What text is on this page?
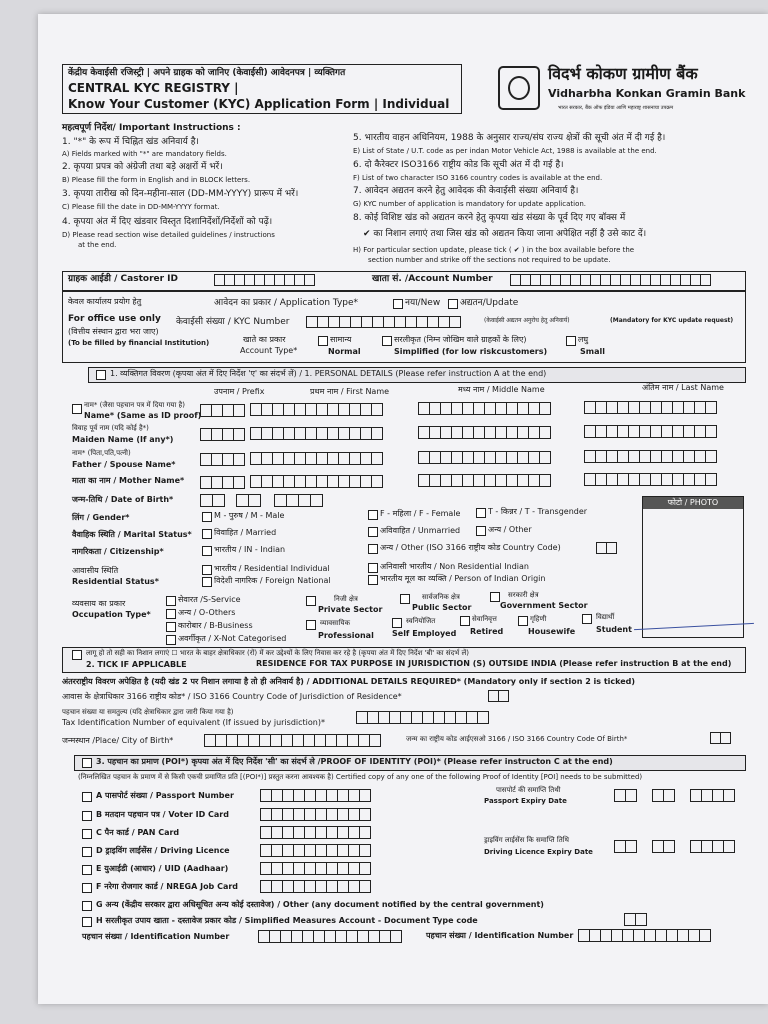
केंद्रीय केवाईसी रजिस्ट्री | अपने ग्राहक को जानिए (केवाईसी) आवेदनपत्र | व्यक्तिगत
CENTRAL KYC REGISTRY |
Know Your Customer (KYC) Application Form | Individual
विदर्भ कोकण ग्रामीण बैंक
Vidharbha Konkan Gramin Bank
भारत सरकार, बैंक ऑफ इंडिया आणि महाराष्ट्र शासनाचा उपक्रम
महत्वपूर्ण निर्देश/ Important Instructions :
1. "*" के रूप में चिह्नित खंड अनिवार्य है।
A) Fields marked with "*" are mandatory fields.
2. कृपया प्रपत्र को अंग्रेजी तथा बड़े अक्षरों में भरें।
B) Please fill the form in English and in BLOCK letters.
3. कृपया तारीख को दिन-महीना-साल (DD-MM-YYYY) प्रारूप में भरें।
C) Please fill the date in DD-MM-YYYY format.
4. कृपया अंत में दिए खंडवार विस्तृत दिशानिर्देशों/निर्देशों को पढ़ें।
D) Please read section wise detailed guidelines / instructions
at the end.
5. भारतीय वाहन अधिनियम, 1988 के अनुसार राज्य/संघ राज्य क्षेत्रों की सूची अंत में दी गई है।
E) List of State / U.T. code as per indan Motor Vehicle Act, 1988 is available at the end.
6. दो कैरेक्टर ISO3166 राष्ट्रीय कोड कि सूची अंत में दी गई है।
F) List of two character ISO 3166 country codes is available at the end.
7. आवेदन अद्यतन करने हेतु आवेदक की केवाईसी संख्या अनिवार्य है।
G) KYC number of application is mandatory for update application.
8. कोई विशिष्ट खंड को अद्यतन करने हेतु कृपया खंड संख्या के पूर्व दिए गए बॉक्स में
✔ का निशान लगाएं तथा जिस खंड को अद्यतन किया जाना अपेक्षित नहीं है उसे काट दें।
H) For particular section update, please tick ( ✔ ) in the box available before the
section number and strike off the sections not required to be update.
ग्राहक आईडी / Castorer ID	खाता सं. /Account Number
केवल कार्यालय प्रयोग हेतु
For office use only
(वित्तीय संस्थान द्वारा भरा जाए)
(To be filled by financial Institution)
आवेदन का प्रकार / Application Type*	नया/New अद्यतन/Update
केवाईसी संख्या / KYC Number	(केवाईसी अद्यतन अनुरोध हेतु अनिवार्य)	(Mandatory for KYC update request)
खाते का प्रकार
Account Type*
सामान्य
Normal
सरलीकृत (निम्न जोखिम वाले ग्राहकों के लिए)
Simplified (for low riskcustomers)
लघु
Small
1. व्यक्तिगत विवरण (कृपया अंत में दिए निर्देश 'ए' का संदर्भ लें) / 1. PERSONAL DETAILS (Please refer instruction A at the end)
उपनाम / Prefix	प्रथम नाम / First Name	मध्य नाम / Middle Name	अंतिम नाम / Last Name
नाम* (जैसा पहचान पत्र में दिया गया है)
Name* (Same as ID proof)
विवाह पूर्व नाम (यदि कोई है*)
Maiden Name (If any*)
नाम* (पिता,पति,पत्नी)
Father / Spouse Name*
माता का नाम / Mother Name*
जन्म-तिथि / Date of Birth*	फोटो / PHOTO
लिंग / Gender*	M - पुरुष / M - Male	F - महिला / F - Female	T - किन्नर / T - Transgender
वैवाहिक स्थिति / Marital Status*	विवाहित / Married	अविवाहित / Unmarried	अन्य / Other
नागरिकता / Citizenship*	भारतीय / IN - Indian	अन्य / Other (ISO 3166 राष्ट्रीय कोड Country Code)
आवासीय स्थिति
Residential Status*
भारतीय / Residential Individual
विदेशी नागरिक / Foreign National
अनिवासी भारतीय / Non Residential Indian
भारतीय मूल का व्यक्ति / Person of Indian Origin
व्यवसाय का प्रकार
Occupation Type*
सेवारत /S-Service
अन्य / O-Others
कारोबार / B-Business
अवर्गीकृत / X-Not Categorised
निजी क्षेत्र
Private Sector
व्यावसायिक
Professional
सार्वजनिक क्षेत्र
Public Sector
स्वनियोजित
Self Employed
सरकारी क्षेत्र
Government Sector
सेवानिवृत्त
Retired
गृहिणी
Housewife
विद्यार्थी
Student
लागू हो तो सही का निशान लगाएं ☐ भारत के बाहर क्षेत्राधिकार (रों) में कर उद्देश्यों के लिए निवास कर रहे है (कृपया अंत में दिए निर्देश 'बी' का संदर्भ लें)
2. TICK IF APPLICABLE	RESIDENCE FOR TAX PURPOSE IN JURISDICTION (S) OUTSIDE INDIA (Please refer instruction B at the end)
अंतरराष्ट्रीय विवरण अपेक्षित है (यदी खंड 2 पर निशान लगाया है तो ही अनिवार्य है) / ADDITIONAL DETAILS REQUIRED* (Mandatory only if section 2 is ticked)
आवास के क्षेत्राधिकार 3166 राष्ट्रीय कोड* / ISO 3166 Country Code of Jurisdiction of Residence*
पहचान संख्या या समतुल्य (यदि क्षेत्राधिकार द्वारा जारी किया गया है)
Tax Identification Number of equivalent (If issued by jurisdiction)*
जन्मस्थान /Place/ City of Birth*	जन्म का राष्ट्रीय कोड आईएसओ 3166 / ISO 3166 Country Code Of Birth*
3. पहचान का प्रमाण (POI*) कृपया अंत में दिए निर्देश 'सी' का संदर्भ ले /PROOF OF IDENTITY (POI)* (Please refer instructon C at the end)
(निम्नलिखित पहचान के प्रमाण में से किसी एकची प्रमाणित प्रति [(POI*)] प्रस्तुत करना आवश्यक है) Certified copy of any one of the following Proof of Identity [POI] needs to be submitted)
A पासपोर्ट संख्या / Passport Number
पासपोर्ट की समाप्ति तिथी
Passport Expiry Date
B मतदान पहचान पत्र / Voter ID Card
C पैन कार्ड / PAN Card
D ड्राइविंग लाईसेंस / Driving Licence
ड्राइविंग लाईसेंस कि समाप्ति तिथि
Driving Licence Expiry Date
E युआईडी (आधार) / UID (Aadhaar)
F नरेगा रोजगार कार्ड / NREGA Job Card
G अन्य (केंद्रीय सरकार द्वारा अधिसूचित अन्य कोई दस्तावेज) / Other (any document notified by the central government)
H सरलीकृत उपाय खाता - दस्तावेज प्रकार कोड / Simplified Measures Account - Document Type code
पहचान संख्या / Identification Number	पहचान संख्या / Identification Number
